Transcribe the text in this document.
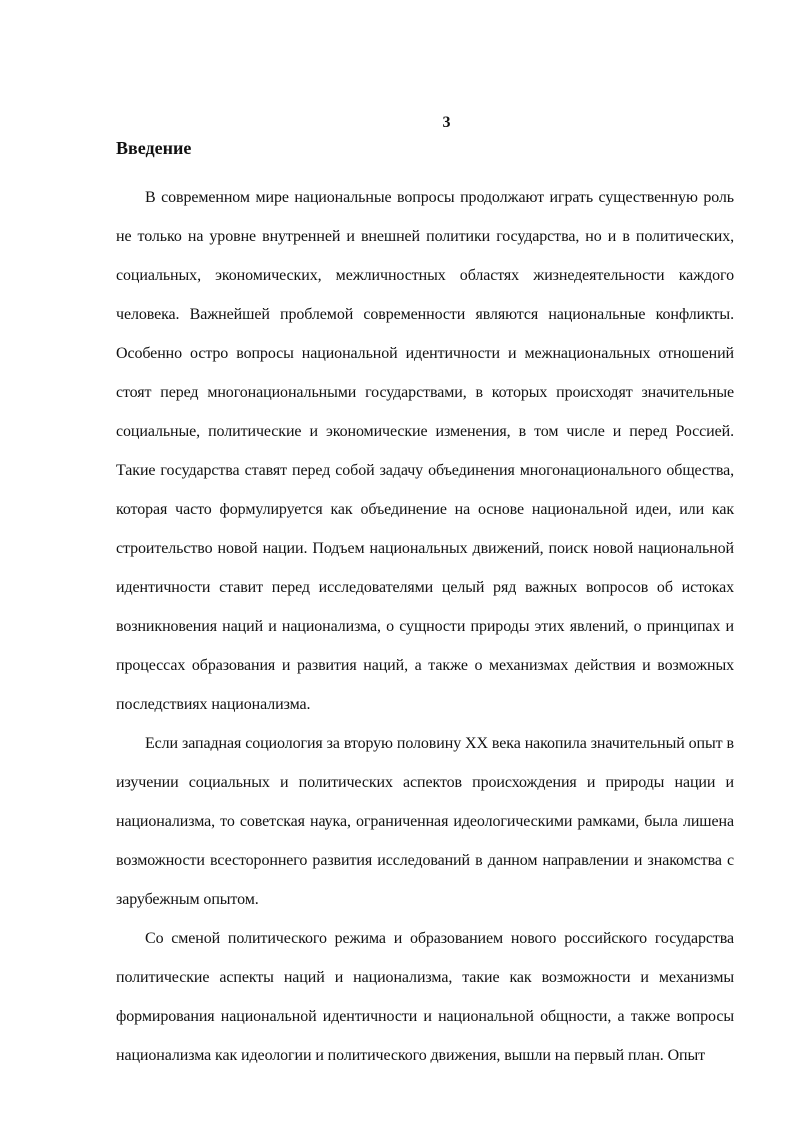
3
Введение

В современном мире национальные вопросы продолжают играть существенную роль не только на уровне внутренней и внешней политики государства, но и в политических, социальных, экономических, межличностных областях жизнедеятельности каждого человека. Важнейшей проблемой современности являются национальные конфликты. Особенно остро вопросы национальной идентичности и межнациональных отношений стоят перед многонациональными государствами, в которых происходят значительные социальные, политические и экономические изменения, в том числе и перед Россией. Такие государства ставят перед собой задачу объединения многонационального общества, которая часто формулируется как объединение на основе национальной идеи, или как строительство новой нации. Подъем национальных движений, поиск новой национальной идентичности ставит перед исследователями целый ряд важных вопросов об истоках возникновения наций и национализма, о сущности природы этих явлений, о принципах и процессах образования и развития наций, а также о механизмах действия и возможных последствиях национализма.

Если западная социология за вторую половину XX века накопила значительный опыт в изучении социальных и политических аспектов происхождения и природы нации и национализма, то советская наука, ограниченная идеологическими рамками, была лишена возможности всестороннего развития исследований в данном направлении и знакомства с зарубежным опытом.

Со сменой политического режима и образованием нового российского государства политические аспекты наций и национализма, такие как возможности и механизмы формирования национальной идентичности и национальной общности, а также вопросы национализма как идеологии и политического движения, вышли на первый план. Опыт
